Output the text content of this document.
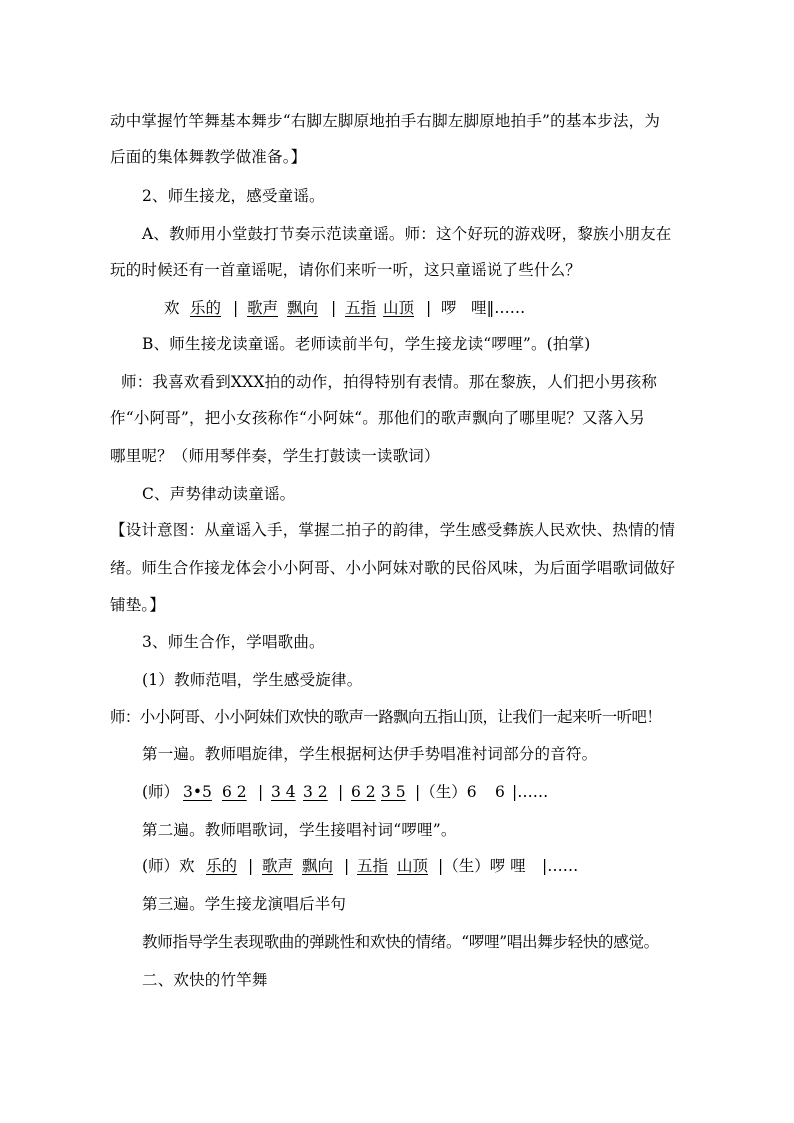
动中掌握竹竿舞基本舞步“右脚左脚原地拍手右脚左脚原地拍手”的基本步法，为
后面的集体舞教学做准备。】
2、师生接龙，感受童谣。
A、教师用小堂鼓打节奏示范读童谣。师：这个好玩的游戏呀，黎族小朋友在
玩的时候还有一首童谣呢，请你们来听一听，这只童谣说了些什么？
欢 乐的 | 歌声 飘向 | 五指 山顶 | 啰 哩‖……
B、师生接龙读童谣。老师读前半句，学生接龙读“啰哩”。(拍掌)
师：我喜欢看到XXX拍的动作，拍得特别有表情。那在黎族，人们把小男孩称
作“小阿哥”，把小女孩称作“小阿妹“。那他们的歌声飘向了哪里呢？又落入另
哪里呢？（师用琴伴奏，学生打鼓读一读歌词）
C、声势律动读童谣。
【设计意图：从童谣入手，掌握二拍子的韵律，学生感受彝族人民欢快、热情的情
绪。师生合作接龙体会小小阿哥、小小阿妹对歌的民俗风味，为后面学唱歌词做好
铺垫。】
3、师生合作，学唱歌曲。
(1）教师范唱，学生感受旋律。
师：小小阿哥、小小阿妹们欢快的歌声一路飘向五指山顶，让我们一起来听一听吧！
第一遍。教师唱旋律，学生根据柯达伊手势唱准衬词部分的音符。
(师） 3•5 6 2 | 3 4 3 2 | 6 2 3 5 |（生）6 6 |……
第二遍。教师唱歌词，学生接唱衬词“啰哩”。
(师）欢 乐的 | 歌声 飘向 | 五指 山顶 |（生）啰 哩 |……
第三遍。学生接龙演唱后半句
教师指导学生表现歌曲的弹跳性和欢快的情绪。“啰哩”唱出舞步轻快的感觉。
二、欢快的竹竿舞
